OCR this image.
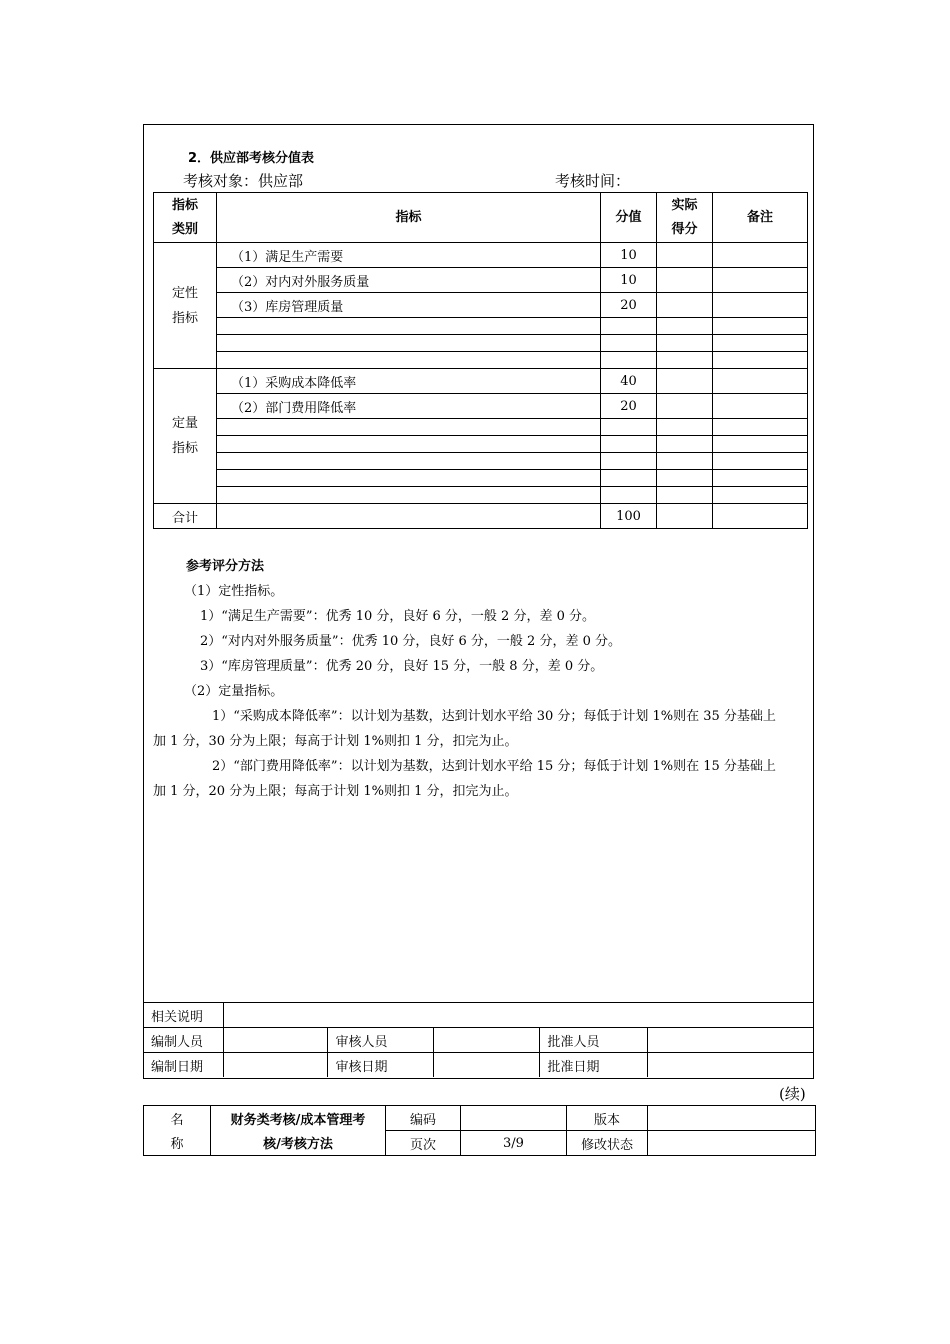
2．供应部考核分值表
考核对象：供应部	考核时间：
指标类别	指标	分值	实际得分	备注

定性指标	（1）满足生产需要	10		
	（2）对内对外服务质量	10		
	（3）库房管理质量	20		

定量指标	（1）采购成本降低率	40		
	（2）部门费用降低率	20		

合计		100		
参考评分方法
（1）定性指标。
1）“满足生产需要”：优秀 10 分，良好 6 分，一般 2 分，差 0 分。
2）“对内对外服务质量”：优秀 10 分，良好 6 分，一般 2 分，差 0 分。
3）“库房管理质量”：优秀 20 分，良好 15 分，一般 8 分，差 0 分。
（2）定量指标。
1）“采购成本降低率”：以计划为基数，达到计划水平给 30 分；每低于计划 1%则在 35 分基础上
加 1 分，30 分为上限；每高于计划 1%则扣 1 分，扣完为止。
2）“部门费用降低率”：以计划为基数，达到计划水平给 15 分；每低于计划 1%则在 15 分基础上
加 1 分，20 分为上限；每高于计划 1%则扣 1 分，扣完为止。
相关说明					
编制人员		审核人员		批准人员	
编制日期		审核日期		批准日期	
(续)
名	财务类考核/成本管理考	编码		版本	
称	核/考核方法	页次	3/9	修改状态	
